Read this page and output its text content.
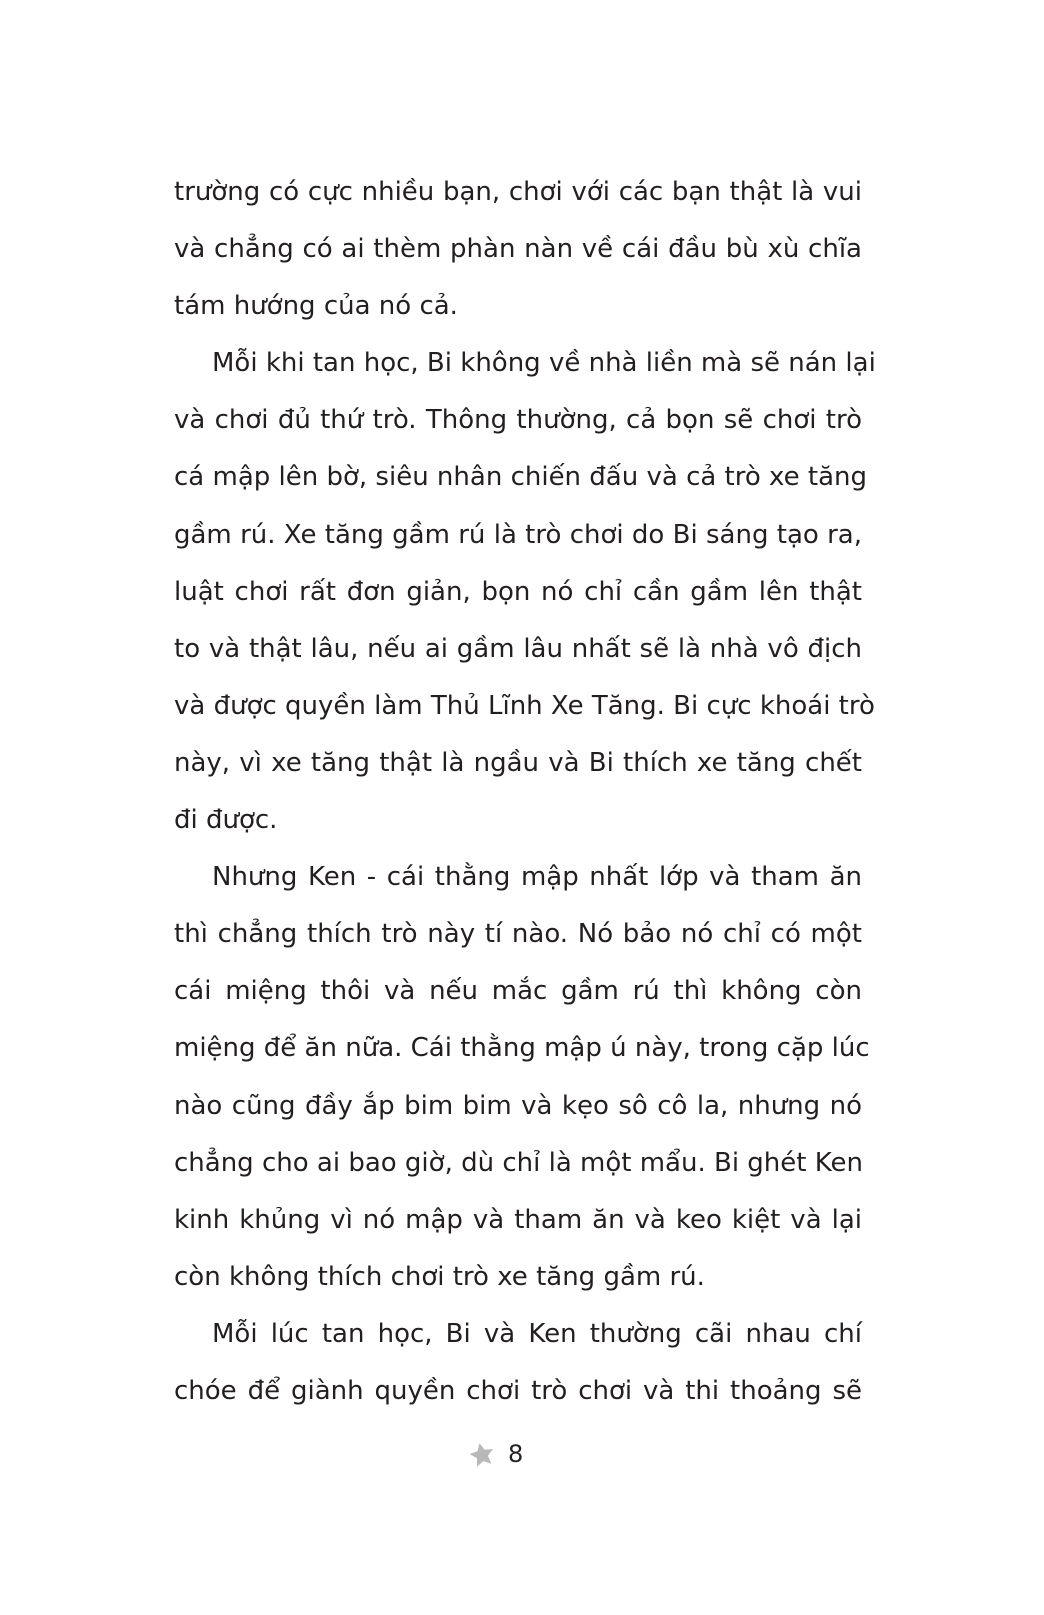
trường có cực nhiều bạn, chơi với các bạn thật là vui
và chẳng có ai thèm phàn nàn về cái đầu bù xù chĩa
tám hướng của nó cả.
Mỗi khi tan học, Bi không về nhà liền mà sẽ nán lại
và chơi đủ thứ trò. Thông thường, cả bọn sẽ chơi trò
cá mập lên bờ, siêu nhân chiến đấu và cả trò xe tăng
gầm rú. Xe tăng gầm rú là trò chơi do Bi sáng tạo ra,
luật chơi rất đơn giản, bọn nó chỉ cần gầm lên thật
to và thật lâu, nếu ai gầm lâu nhất sẽ là nhà vô địch
và được quyền làm Thủ Lĩnh Xe Tăng. Bi cực khoái trò
này, vì xe tăng thật là ngầu và Bi thích xe tăng chết
đi được.
Nhưng Ken - cái thằng mập nhất lớp và tham ăn
thì chẳng thích trò này tí nào. Nó bảo nó chỉ có một
cái miệng thôi và nếu mắc gầm rú thì không còn
miệng để ăn nữa. Cái thằng mập ú này, trong cặp lúc
nào cũng đầy ắp bim bim và kẹo sô cô la, nhưng nó
chẳng cho ai bao giờ, dù chỉ là một mẩu. Bi ghét Ken
kinh khủng vì nó mập và tham ăn và keo kiệt và lại
còn không thích chơi trò xe tăng gầm rú.
Mỗi lúc tan học, Bi và Ken thường cãi nhau chí
chóe để giành quyền chơi trò chơi và thi thoảng sẽ
8
